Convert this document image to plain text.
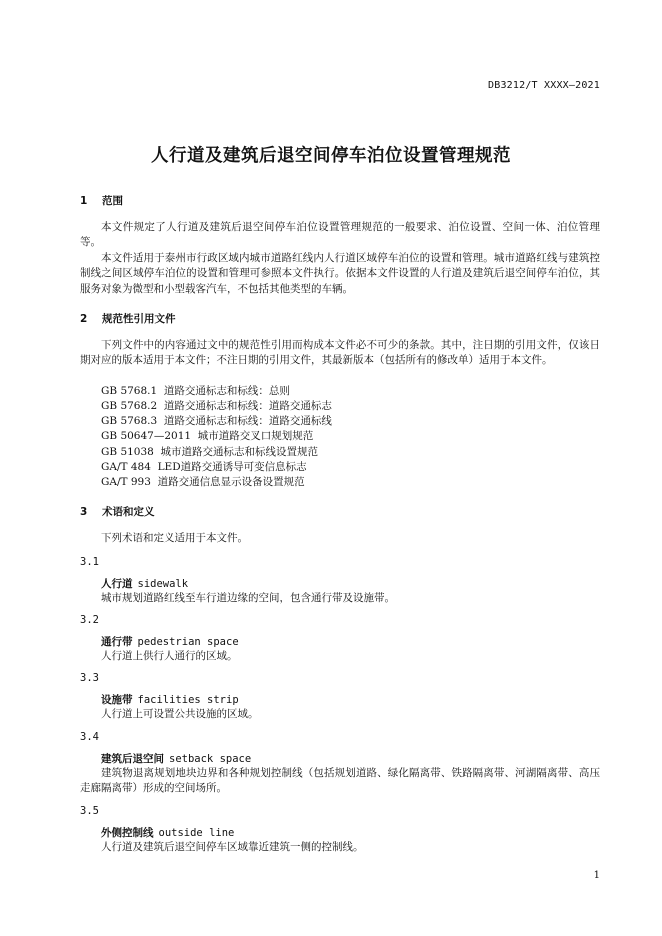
DB3212/T XXXX—2021
人行道及建筑后退空间停车泊位设置管理规范
1 范围
本文件规定了人行道及建筑后退空间停车泊位设置管理规范的一般要求、泊位设置、空间一体、泊位管理等。
本文件适用于泰州市行政区域内城市道路红线内人行道区域停车泊位的设置和管理。城市道路红线与建筑控制线之间区域停车泊位的设置和管理可参照本文件执行。依据本文件设置的人行道及建筑后退空间停车泊位，其服务对象为微型和小型载客汽车，不包括其他类型的车辆。
2 规范性引用文件
下列文件中的内容通过文中的规范性引用而构成本文件必不可少的条款。其中，注日期的引用文件，仅该日期对应的版本适用于本文件；不注日期的引用文件，其最新版本（包括所有的修改单）适用于本文件。
GB 5768.1  道路交通标志和标线：总则
GB 5768.2  道路交通标志和标线：道路交通标志
GB 5768.3  道路交通标志和标线：道路交通标线
GB 50647—2011  城市道路交叉口规划规范
GB 51038  城市道路交通标志和标线设置规范
GA/T 484  LED道路交通诱导可变信息标志
GA/T 993  道路交通信息显示设备设置规范
3 术语和定义
下列术语和定义适用于本文件。
3.1
人行道 sidewalk
城市规划道路红线至车行道边缘的空间，包含通行带及设施带。
3.2
通行带 pedestrian space
人行道上供行人通行的区域。
3.3
设施带 facilities strip
人行道上可设置公共设施的区域。
3.4
建筑后退空间 setback space
建筑物退离规划地块边界和各种规划控制线（包括规划道路、绿化隔离带、铁路隔离带、河湖隔离带、高压走廊隔离带）形成的空间场所。
3.5
外侧控制线 outside line
人行道及建筑后退空间停车区域靠近建筑一侧的控制线。
1
